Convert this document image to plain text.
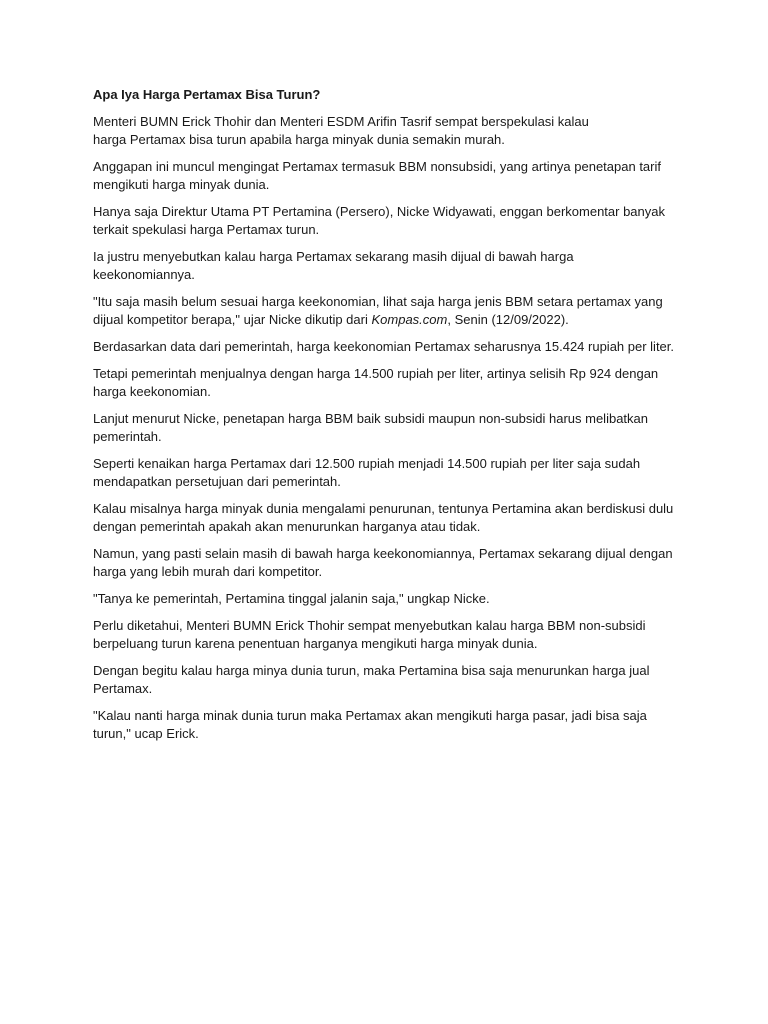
Apa Iya Harga Pertamax Bisa Turun?
Menteri BUMN Erick Thohir dan Menteri ESDM Arifin Tasrif sempat berspekulasi kalau
harga Pertamax bisa turun apabila harga minyak dunia semakin murah.
Anggapan ini muncul mengingat Pertamax termasuk BBM nonsubsidi, yang artinya penetapan tarif
mengikuti harga minyak dunia.
Hanya saja Direktur Utama PT Pertamina (Persero), Nicke Widyawati, enggan berkomentar banyak
terkait spekulasi harga Pertamax turun.
Ia justru menyebutkan kalau harga Pertamax sekarang masih dijual di bawah harga
keekonomiannya.
"Itu saja masih belum sesuai harga keekonomian, lihat saja harga jenis BBM setara pertamax yang
dijual kompetitor berapa," ujar Nicke dikutip dari Kompas.com, Senin (12/09/2022).
Berdasarkan data dari pemerintah, harga keekonomian Pertamax seharusnya 15.424 rupiah per liter.
Tetapi pemerintah menjualnya dengan harga 14.500 rupiah per liter, artinya selisih Rp 924 dengan
harga keekonomian.
Lanjut menurut Nicke, penetapan harga BBM baik subsidi maupun non-subsidi harus melibatkan
pemerintah.
Seperti kenaikan harga Pertamax dari 12.500 rupiah menjadi 14.500 rupiah per liter saja sudah
mendapatkan persetujuan dari pemerintah.
Kalau misalnya harga minyak dunia mengalami penurunan, tentunya Pertamina akan berdiskusi dulu
dengan pemerintah apakah akan menurunkan harganya atau tidak.
Namun, yang pasti selain masih di bawah harga keekonomiannya, Pertamax sekarang dijual dengan
harga yang lebih murah dari kompetitor.
"Tanya ke pemerintah, Pertamina tinggal jalanin saja," ungkap Nicke.
Perlu diketahui, Menteri BUMN Erick Thohir sempat menyebutkan kalau harga BBM non-subsidi
berpeluang turun karena penentuan harganya mengikuti harga minyak dunia.
Dengan begitu kalau harga minya dunia turun, maka Pertamina bisa saja menurunkan harga jual
Pertamax.
"Kalau nanti harga minak dunia turun maka Pertamax akan mengikuti harga pasar, jadi bisa saja
turun," ucap Erick.
